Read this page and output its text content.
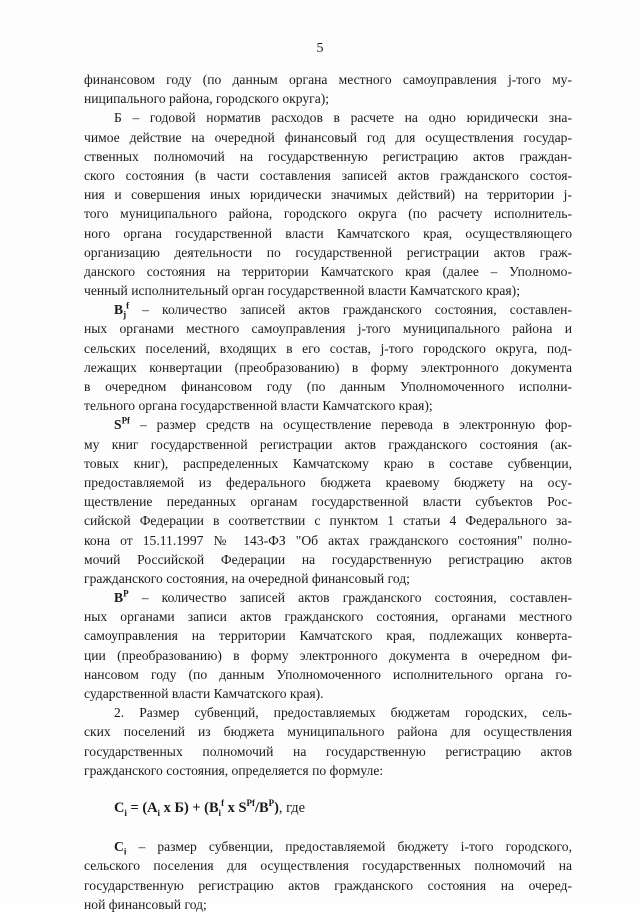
5
финансовом году (по данным органа местного самоуправления j-того му-
ниципального района, городского округа);
Б – годовой норматив расходов в расчете на одно юридически зна-
чимое действие на очередной финансовый год для осуществления государ-
ственных полномочий на государственную регистрацию актов граждан-
ского состояния (в части составления записей актов гражданского состоя-
ния и совершения иных юридически значимых действий) на территории j-
того муниципального района, городского округа (по расчету исполнитель-
ного органа государственной власти Камчатского края, осуществляющего
организацию деятельности по государственной регистрации актов граж-
данского состояния на территории Камчатского края (далее – Уполномо-
ченный исполнительный орган государственной власти Камчатского края);
$В_j^f$ – количество записей актов гражданского состояния, составлен-
ных органами местного самоуправления j-того муниципального района и
сельских поселений, входящих в его состав, j-того городского округа, под-
лежащих конвертации (преобразованию) в форму электронного документа
в очередном финансовом году (по данным Уполномоченного исполни-
тельного органа государственной власти Камчатского края);
$S^{Pf}$ – размер средств на осуществление перевода в электронную фор-
му книг государственной регистрации актов гражданского состояния (ак-
товых книг), распределенных Камчатскому краю в составе субвенции,
предоставляемой из федерального бюджета краевому бюджету на осу-
ществление переданных органам государственной власти субъектов Рос-
сийской Федерации в соответствии с пунктом 1 статьи 4 Федерального за-
кона от 15.11.1997 № 143-ФЗ "Об актах гражданского состояния" полно-
мочий Российской Федерации на государственную регистрацию актов
гражданского состояния, на очередной финансовый год;
$В^P$ – количество записей актов гражданского состояния, составлен-
ных органами записи актов гражданского состояния, органами местного
самоуправления на территории Камчатского края, подлежащих конверта-
ции (преобразованию) в форму электронного документа в очередном фи-
нансовом году (по данным Уполномоченного исполнительного органа го-
сударственной власти Камчатского края).
2. Размер субвенций, предоставляемых бюджетам городских, сель-
ских поселений из бюджета муниципального района для осуществления
государственных полномочий на государственную регистрацию актов
гражданского состояния, определяется по формуле:
$С_i = (А_i$ х $Б) + (В_i^f$ х $S^{Pf}/В^P$), где
$С_i$ – размер субвенции, предоставляемой бюджету i-того городского,
сельского поселения для осуществления государственных полномочий на
государственную регистрацию актов гражданского состояния на очеред-
ной финансовый год;
